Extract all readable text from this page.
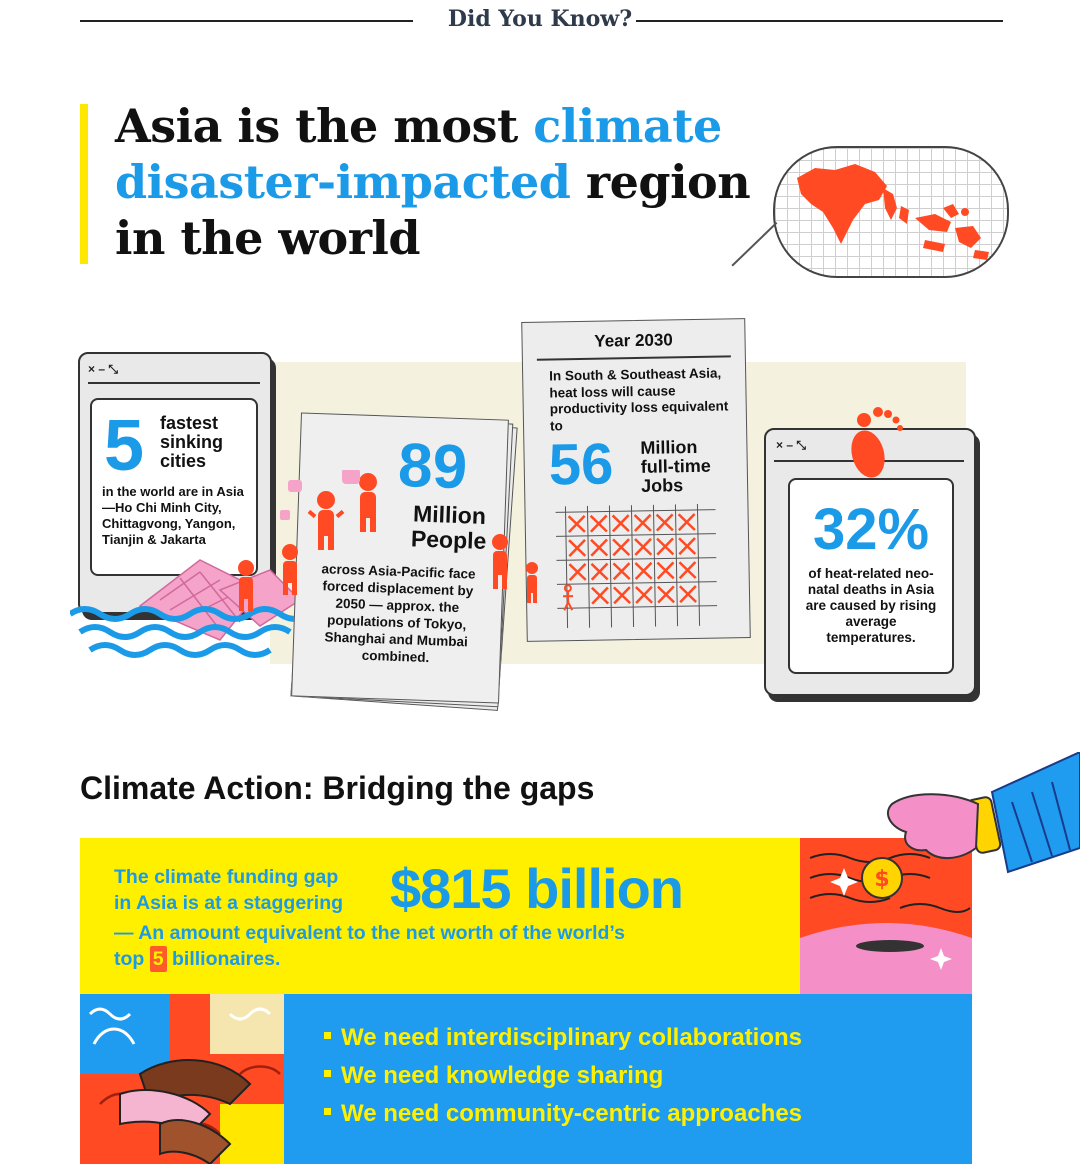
Did You Know?
Asia is the most climate
disaster-impacted region
in the world
× – ⤡
5 fastest
sinking
cities
in the world are in Asia—Ho Chi Minh City, Chittagvong, Yangon, Tianjin & Jakarta
89
Million
People
across Asia-Pacific face forced displacement by 2050 — approx. the populations of Tokyo, Shanghai and Mumbai combined.
Year 2030
In South & Southeast Asia, heat loss will cause productivity loss equivalent to
56 Million
full-time
Jobs
× – ⤡
32%
of heat-related neo-natal deaths in Asia are caused by rising average temperatures.
Climate Action: Bridging the gaps
The climate funding gap
in Asia is at a staggering $815 billion
— An amount equivalent to the net worth of the world’s
top 5 billionaires.
$
We need interdisciplinary collaborations
We need knowledge sharing
We need community-centric approaches
